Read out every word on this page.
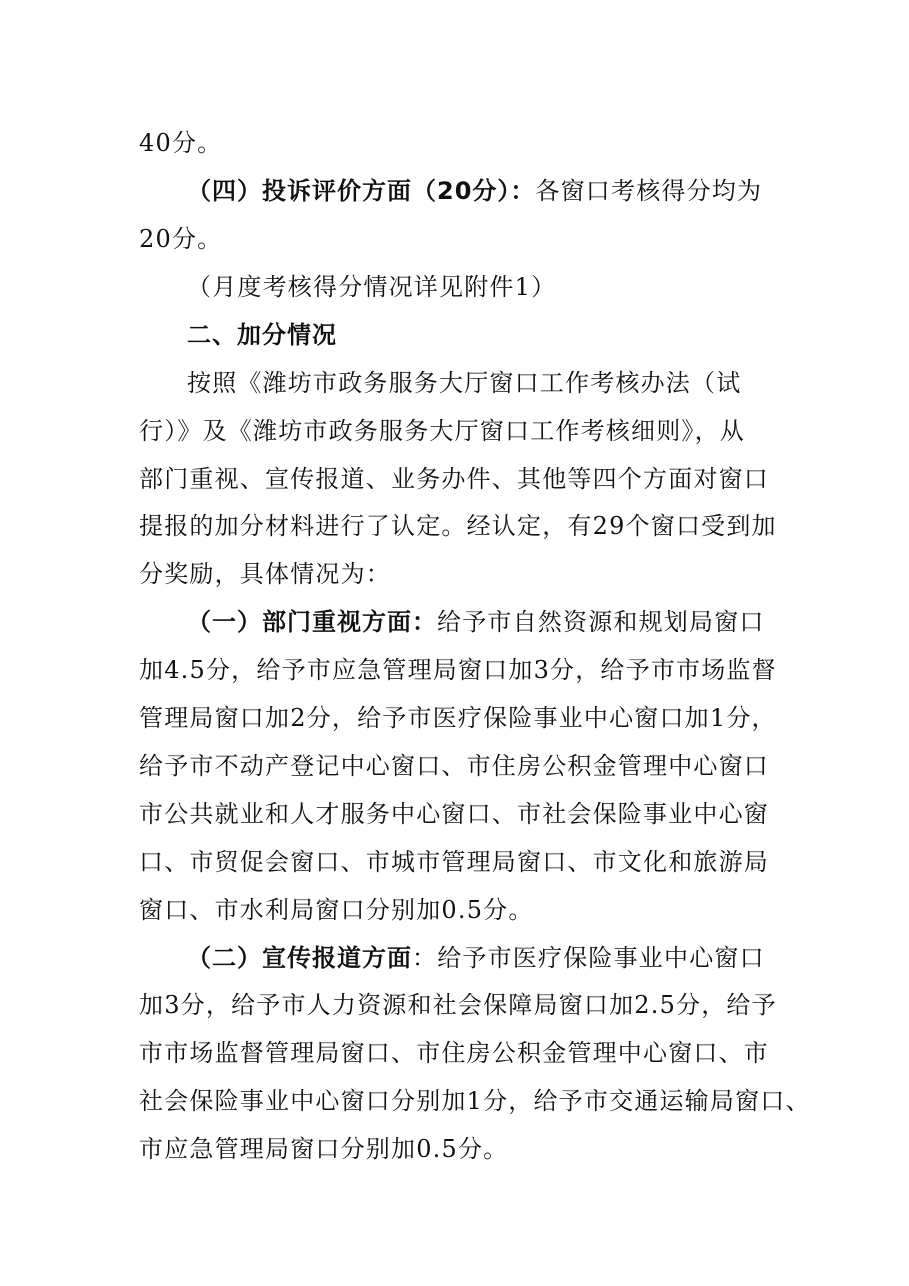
40分。
（四）投诉评价方面（20分）：各窗口考核得分均为
20分。
（月度考核得分情况详见附件1）
二、加分情况
按照《潍坊市政务服务大厅窗口工作考核办法（试
行）》及《潍坊市政务服务大厅窗口工作考核细则》，从
部门重视、宣传报道、业务办件、其他等四个方面对窗口
提报的加分材料进行了认定。经认定，有29个窗口受到加
分奖励，具体情况为：
（一）部门重视方面：给予市自然资源和规划局窗口
加4.5分，给予市应急管理局窗口加3分，给予市市场监督
管理局窗口加2分，给予市医疗保险事业中心窗口加1分，
给予市不动产登记中心窗口、市住房公积金管理中心窗口
市公共就业和人才服务中心窗口、市社会保险事业中心窗
口、市贸促会窗口、市城市管理局窗口、市文化和旅游局
窗口、市水利局窗口分别加0.5分。
（二）宣传报道方面：给予市医疗保险事业中心窗口
加3分，给予市人力资源和社会保障局窗口加2.5分，给予
市市场监督管理局窗口、市住房公积金管理中心窗口、市
社会保险事业中心窗口分别加1分，给予市交通运输局窗口、
市应急管理局窗口分别加0.5分。
